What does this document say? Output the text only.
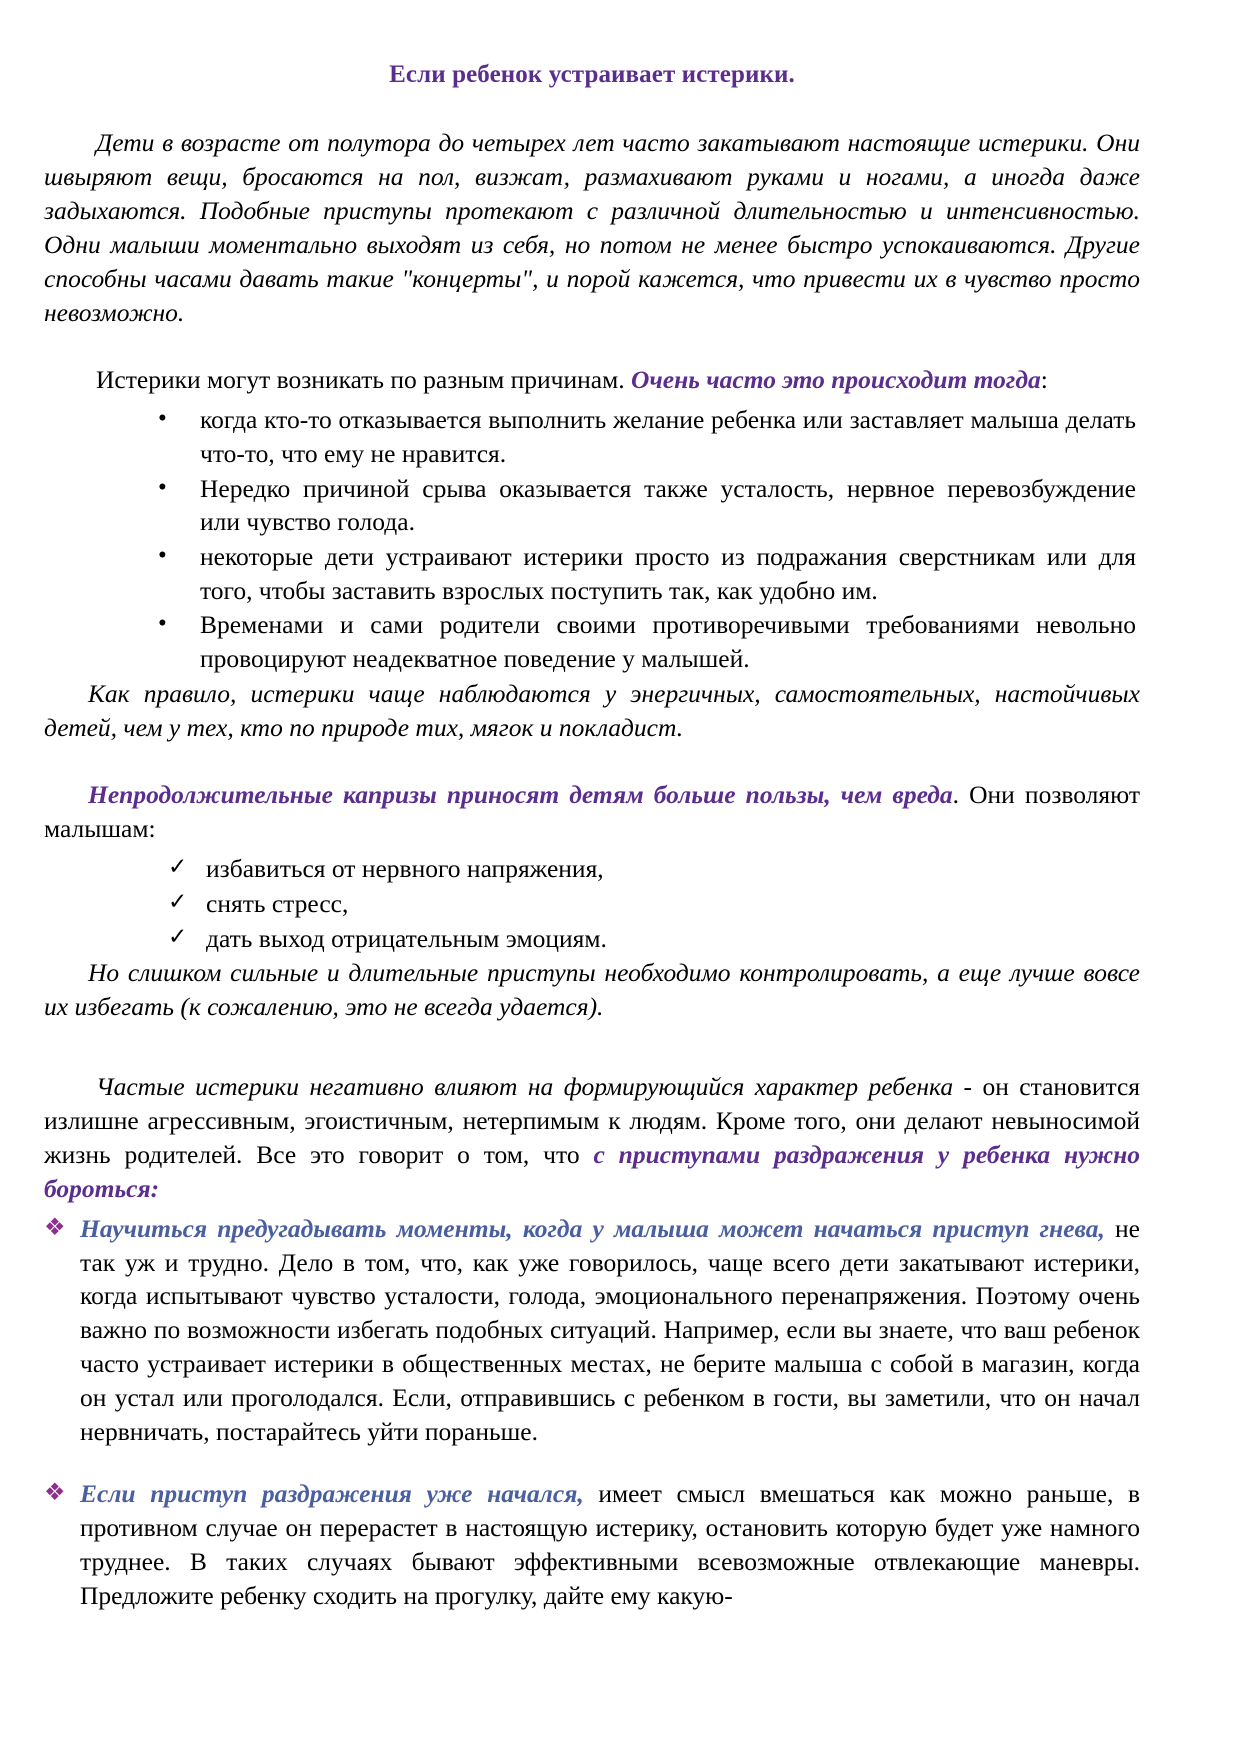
Если ребенок устраивает истерики.

Дети в возрасте от полутора до четырех лет часто закатывают настоящие истерики. Они швыряют вещи, бросаются на пол, визжат, размахивают руками и ногами, а иногда даже задыхаются. Подобные приступы протекают с различной длительностью и интенсивностью. Одни малыши моментально выходят из себя, но потом не менее быстро успокаиваются. Другие способны часами давать такие "концерты", и порой кажется, что привести их в чувство просто невозможно.

Истерики могут возникать по разным причинам. Очень часто это происходит тогда:

• когда кто-то отказывается выполнить желание ребенка или заставляет малыша делать что-то, что ему не нравится.
• Нередко причиной срыва оказывается также усталость, нервное перевозбуждение или чувство голода.
• некоторые дети устраивают истерики просто из подражания сверстникам или для того, чтобы заставить взрослых поступить так, как удобно им.
• Временами и сами родители своими противоречивыми требованиями невольно провоцируют неадекватное поведение у малышей.

Как правило, истерики чаще наблюдаются у энергичных, самостоятельных, настойчивых детей, чем у тех, кто по природе тих, мягок и покладист.

Непродолжительные капризы приносят детям больше пользы, чем вреда. Они позволяют малышам:

✓ избавиться от нервного напряжения,
✓ снять стресс,
✓ дать выход отрицательным эмоциям.

Но слишком сильные и длительные приступы необходимо контролировать, а еще лучше вовсе их избегать (к сожалению, это не всегда удается).

Частые истерики негативно влияют на формирующийся характер ребенка - он становится излишне агрессивным, эгоистичным, нетерпимым к людям. Кроме того, они делают невыносимой жизнь родителей. Все это говорит о том, что с приступами раздражения у ребенка нужно бороться:

❖ Научиться предугадывать моменты, когда у малыша может начаться приступ гнева, не так уж и трудно. Дело в том, что, как уже говорилось, чаще всего дети закатывают истерики, когда испытывают чувство усталости, голода, эмоционального перенапряжения. Поэтому очень важно по возможности избегать подобных ситуаций. Например, если вы знаете, что ваш ребенок часто устраивает истерики в общественных местах, не берите малыша с собой в магазин, когда он устал или проголодался. Если, отправившись с ребенком в гости, вы заметили, что он начал нервничать, постарайтесь уйти пораньше.
❖ Если приступ раздражения уже начался, имеет смысл вмешаться как можно раньше, в противном случае он перерастет в настоящую истерику, остановить которую будет уже намного труднее. В таких случаях бывают эффективными всевозможные отвлекающие маневры. Предложите ребенку сходить на прогулку, дайте ему какую-
